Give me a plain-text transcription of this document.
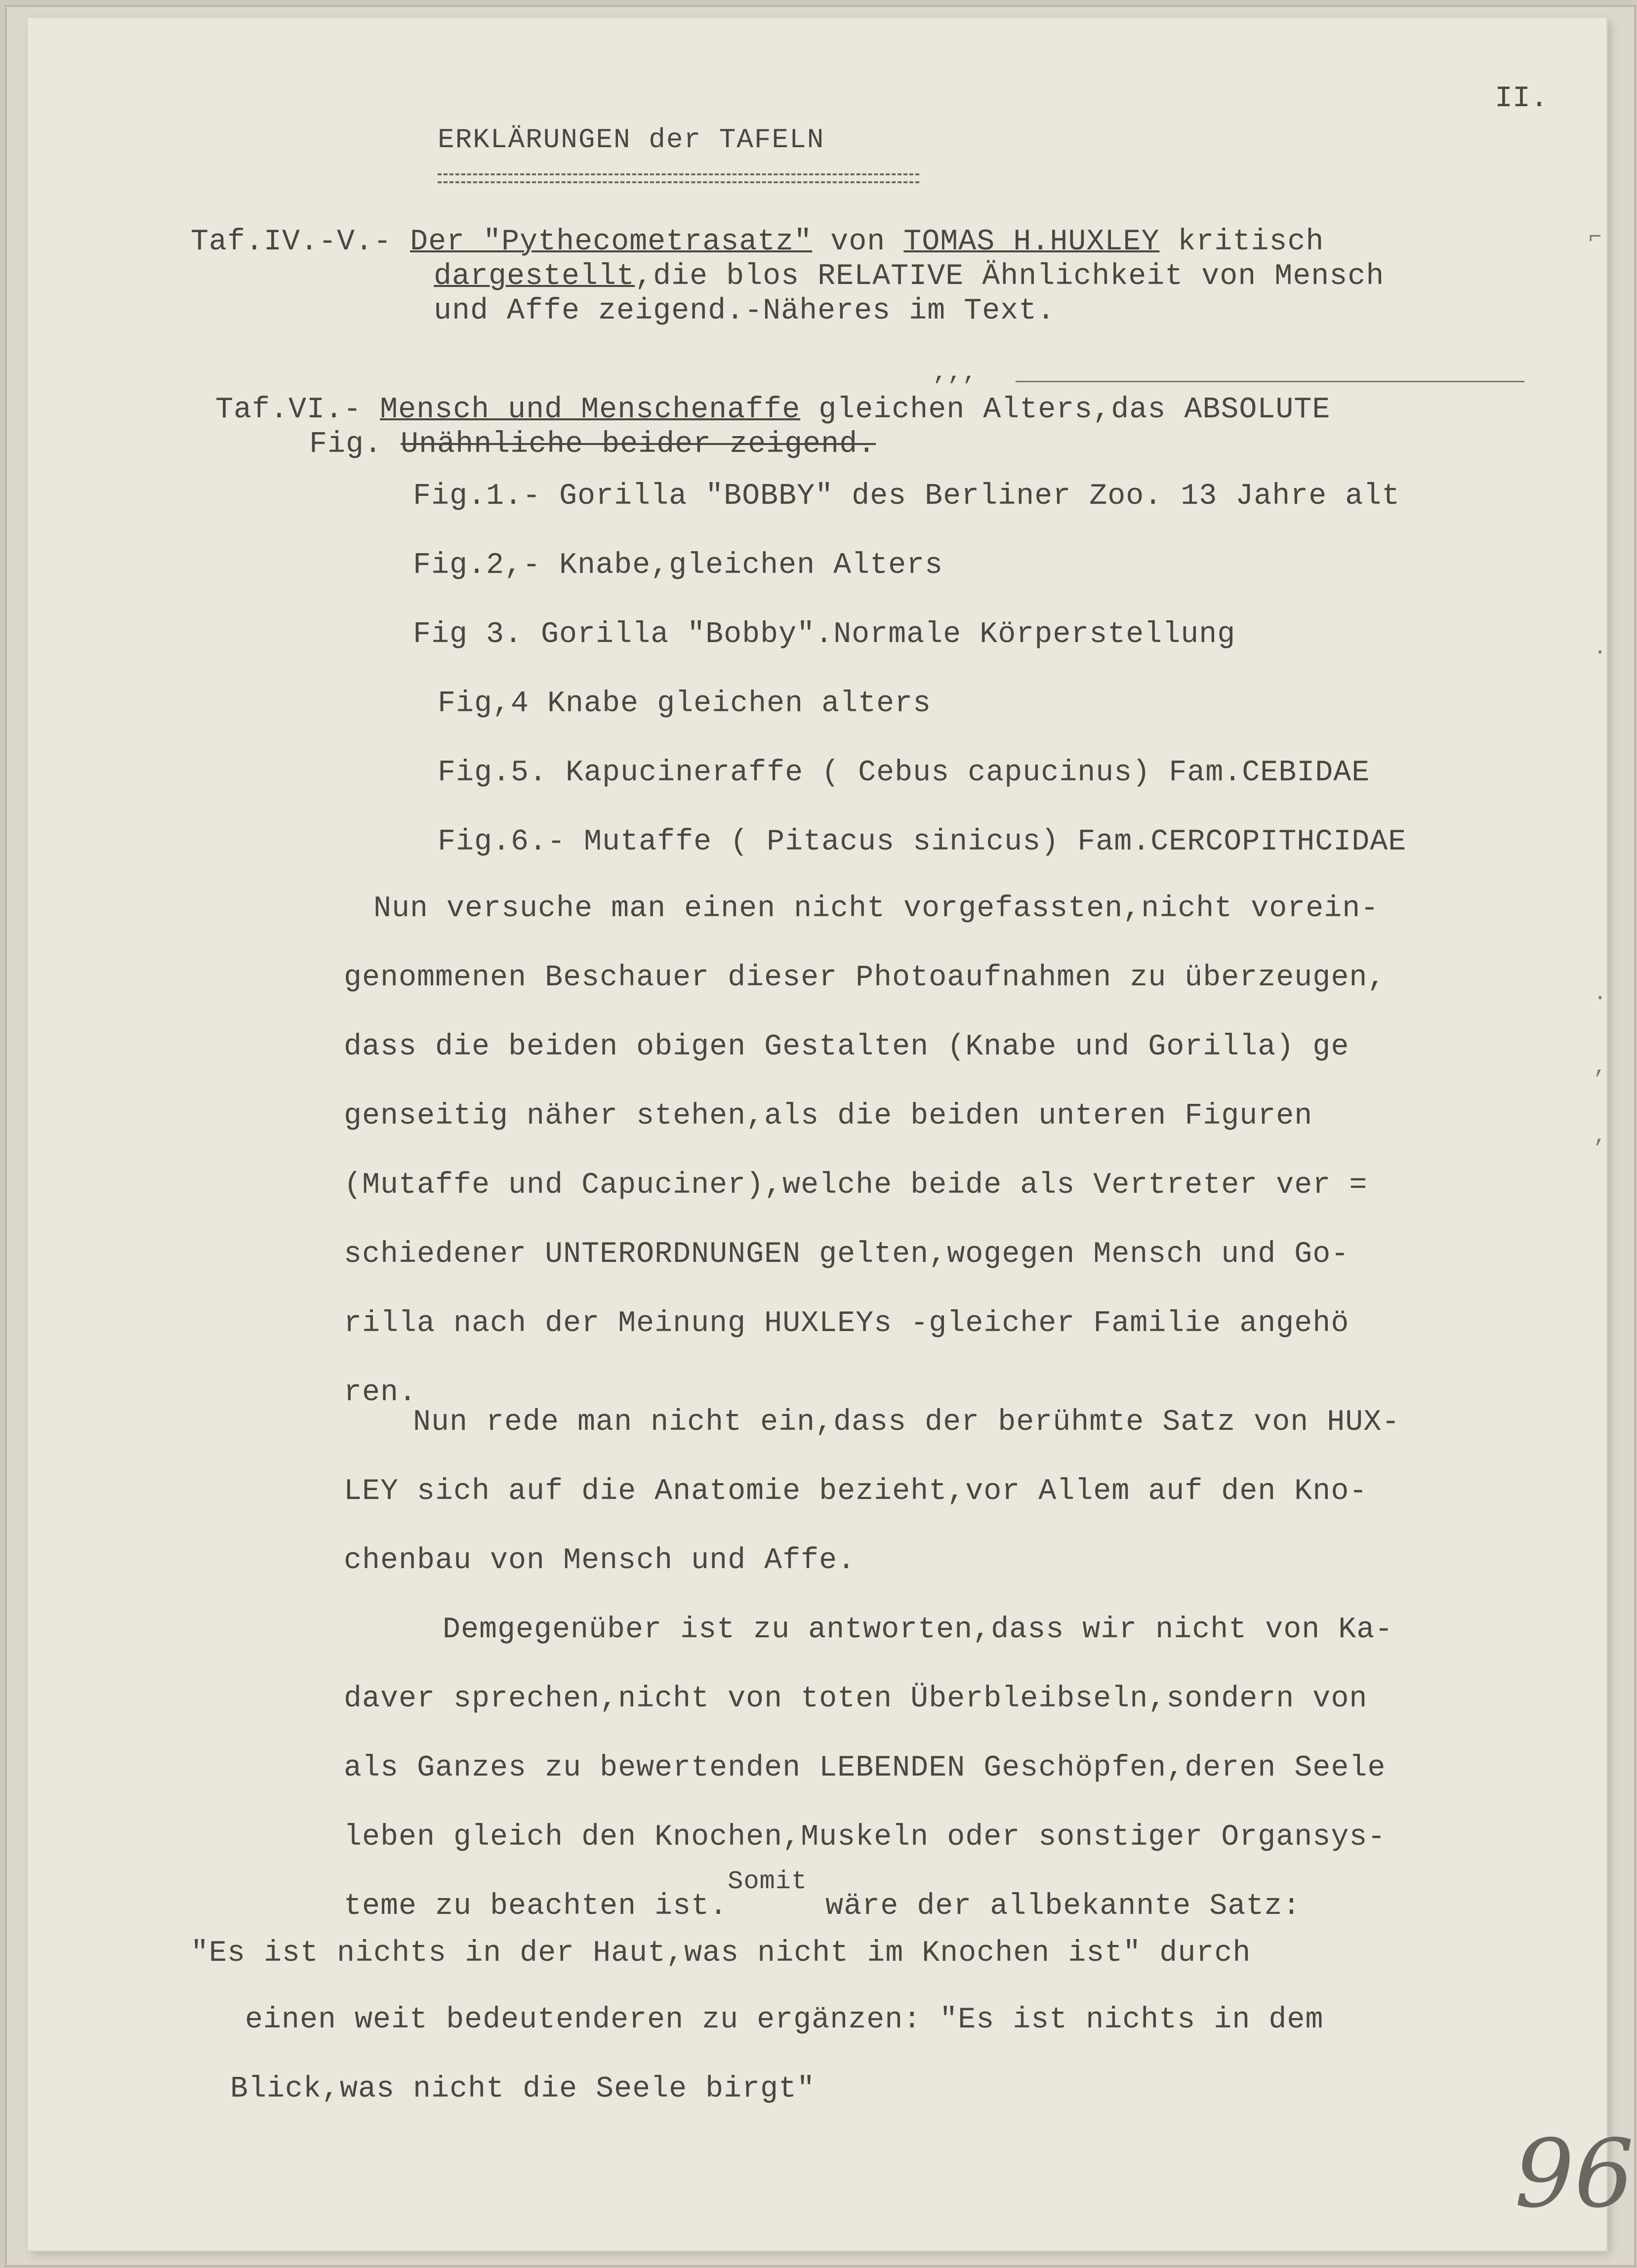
II.
ERKLÄRUNGEN der TAFELN
Taf.IV.-V.- Der "Pythecometrasatz" von TOMAS H.HUXLEY kritisch
dargestellt,die blos RELATIVE Ähnlichkeit von Mensch
und Affe zeigend.-Näheres im Text.
‚‚‚
Taf.VI.- Mensch und Menschenaffe gleichen Alters,das ABSOLUTE
Fig. Unähnliche beider zeigend.
Fig.1.- Gorilla "BOBBY" des Berliner Zoo. 13 Jahre alt
Fig.2,- Knabe,gleichen Alters
Fig 3. Gorilla "Bobby".Normale Körperstellung
Fig,4 Knabe gleichen alters
Fig.5. Kapucineraffe ( Cebus capucinus) Fam.CEBIDAE
Fig.6.- Mutaffe ( Pitacus sinicus) Fam.CERCOPITHCIDAE
Nun versuche man einen nicht vorgefassten,nicht vorein-
genommenen Beschauer dieser Photoaufnahmen zu überzeugen,
dass die beiden obigen Gestalten (Knabe und Gorilla) ge
genseitig näher stehen,als die beiden unteren Figuren
(Mutaffe und Capuciner),welche beide als Vertreter ver =
schiedener UNTERORDNUNGEN gelten,wogegen Mensch und Go-
rilla nach der Meinung HUXLEYs -gleicher Familie angehö
ren.
Nun rede man nicht ein,dass der berühmte Satz von HUX-
LEY sich auf die Anatomie bezieht,vor Allem auf den Kno-
chenbau von Mensch und Affe.
Demgegenüber ist zu antworten,dass wir nicht von Ka-
daver sprechen,nicht von toten Überbleibseln,sondern von
als Ganzes zu bewertenden LEBENDEN Geschöpfen,deren Seele
leben gleich den Knochen,Muskeln oder sonstiger Organsys-
teme zu beachten ist.Somit wäre der allbekannte Satz:
"Es ist nichts in der Haut,was nicht im Knochen ist" durch
einen weit bedeutenderen zu ergänzen: "Es ist nichts in dem
Blick,was nicht die Seele birgt"
96
⌐
·
·
,
,
